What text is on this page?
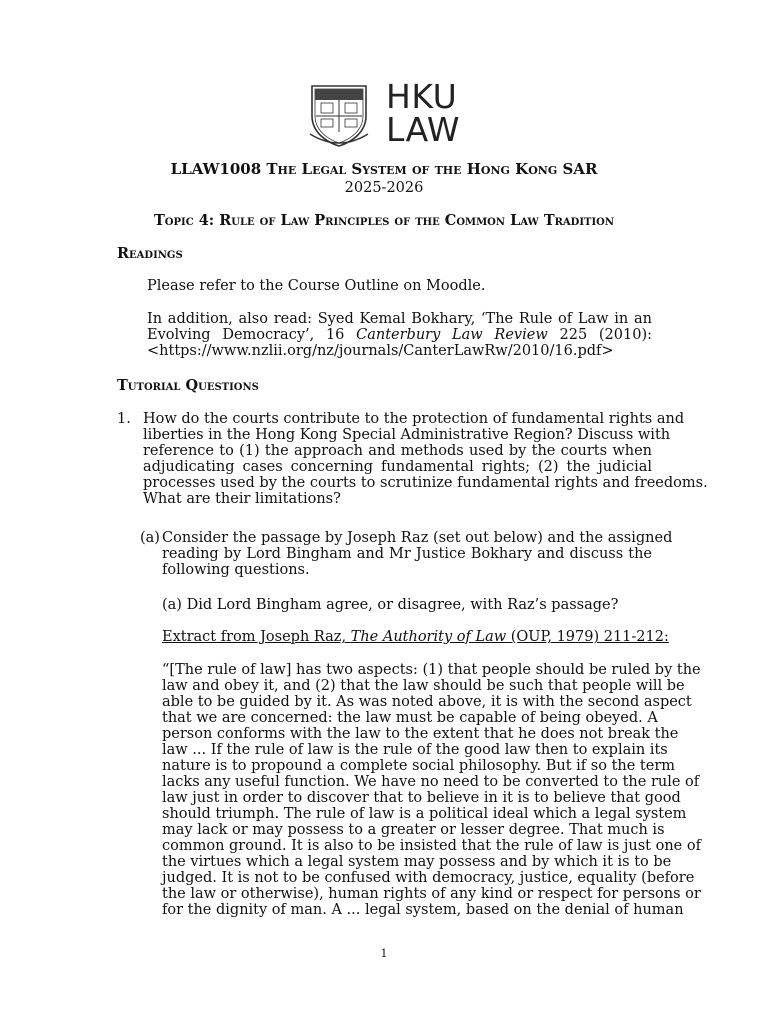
HKU
LAW
LLAW1008 The Legal System of the Hong Kong SAR
2025-2026
Topic 4: Rule of Law Principles of the Common Law Tradition
Readings
Please refer to the Course Outline on Moodle.
In addition, also read: Syed Kemal Bokhary, ‘The Rule of Law in an
Evolving Democracy’, 16 Canterbury Law Review 225 (2010):
<https://www.nzlii.org/nz/journals/CanterLawRw/2010/16.pdf>
Tutorial Questions
1. How do the courts contribute to the protection of fundamental rights and
liberties in the Hong Kong Special Administrative Region? Discuss with
reference to (1) the approach and methods used by the courts when
adjudicating cases concerning fundamental rights; (2) the judicial
processes used by the courts to scrutinize fundamental rights and freedoms.
What are their limitations?
(a) Consider the passage by Joseph Raz (set out below) and the assigned
reading by Lord Bingham and Mr Justice Bokhary and discuss the
following questions.
(a) Did Lord Bingham agree, or disagree, with Raz’s passage?
Extract from Joseph Raz, The Authority of Law (OUP, 1979) 211-212:
“[The rule of law] has two aspects: (1) that people should be ruled by the
law and obey it, and (2) that the law should be such that people will be
able to be guided by it. As was noted above, it is with the second aspect
that we are concerned: the law must be capable of being obeyed. A
person conforms with the law to the extent that he does not break the
law ... If the rule of law is the rule of the good law then to explain its
nature is to propound a complete social philosophy. But if so the term
lacks any useful function. We have no need to be converted to the rule of
law just in order to discover that to believe in it is to believe that good
should triumph. The rule of law is a political ideal which a legal system
may lack or may possess to a greater or lesser degree. That much is
common ground. It is also to be insisted that the rule of law is just one of
the virtues which a legal system may possess and by which it is to be
judged. It is not to be confused with democracy, justice, equality (before
the law or otherwise), human rights of any kind or respect for persons or
for the dignity of man. A ... legal system, based on the denial of human
1
